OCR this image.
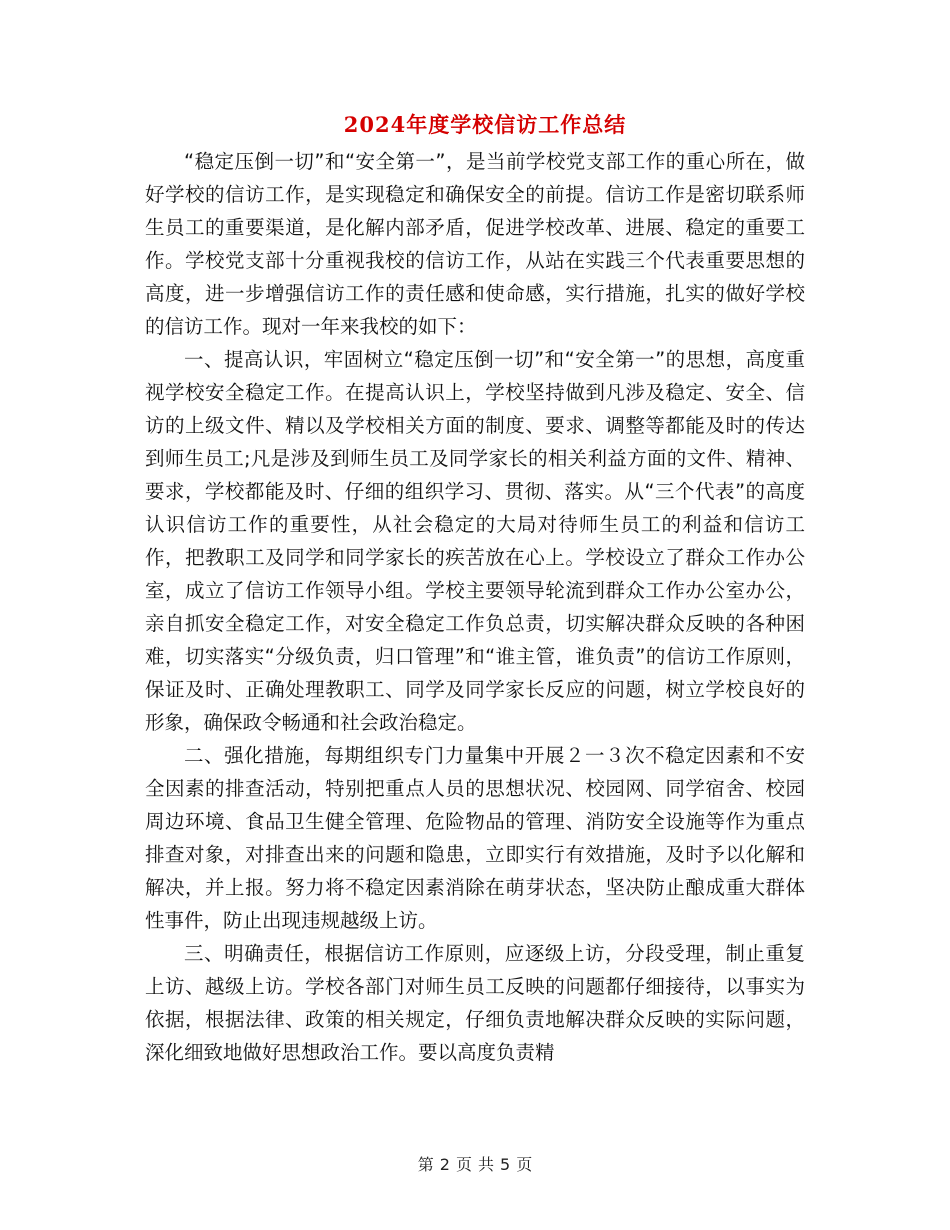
2024年度学校信访工作总结

“稳定压倒一切”和“安全第一”，是当前学校党支部工作的重心所在，做好学校的信访工作，是实现稳定和确保安全的前提。信访工作是密切联系师生员工的重要渠道，是化解内部矛盾，促进学校改革、进展、稳定的重要工作。学校党支部十分重视我校的信访工作，从站在实践三个代表重要思想的高度，进一步增强信访工作的责任感和使命感，实行措施，扎实的做好学校的信访工作。现对一年来我校的如下：

一、提高认识，牢固树立“稳定压倒一切”和“安全第一”的思想，高度重视学校安全稳定工作。在提高认识上，学校坚持做到凡涉及稳定、安全、信访的上级文件、精以及学校相关方面的制度、要求、调整等都能及时的传达到师生员工;凡是涉及到师生员工及同学家长的相关利益方面的文件、精神、要求，学校都能及时、仔细的组织学习、贯彻、落实。从“三个代表”的高度认识信访工作的重要性，从社会稳定的大局对待师生员工的利益和信访工作，把教职工及同学和同学家长的疾苦放在心上。学校设立了群众工作办公室，成立了信访工作领导小组。学校主要领导轮流到群众工作办公室办公，亲自抓安全稳定工作，对安全稳定工作负总责，切实解决群众反映的各种困难，切实落实“分级负责，归口管理”和“谁主管，谁负责”的信访工作原则，保证及时、正确处理教职工、同学及同学家长反应的问题，树立学校良好的形象，确保政令畅通和社会政治稳定。

二、强化措施，每期组织专门力量集中开展２一３次不稳定因素和不安全因素的排查活动，特别把重点人员的思想状况、校园网、同学宿舍、校园周边环境、食品卫生健全管理、危险物品的管理、消防安全设施等作为重点排查对象，对排查出来的问题和隐患，立即实行有效措施，及时予以化解和解决，并上报。努力将不稳定因素消除在萌芽状态，坚决防止酿成重大群体性事件，防止出现违规越级上访。

三、明确责任，根据信访工作原则，应逐级上访，分段受理，制止重复上访、越级上访。学校各部门对师生员工反映的问题都仔细接待，以事实为依据，根据法律、政策的相关规定，仔细负责地解决群众反映的实际问题，深化细致地做好思想政治工作。要以高度负责精

第 2 页 共 5 页
